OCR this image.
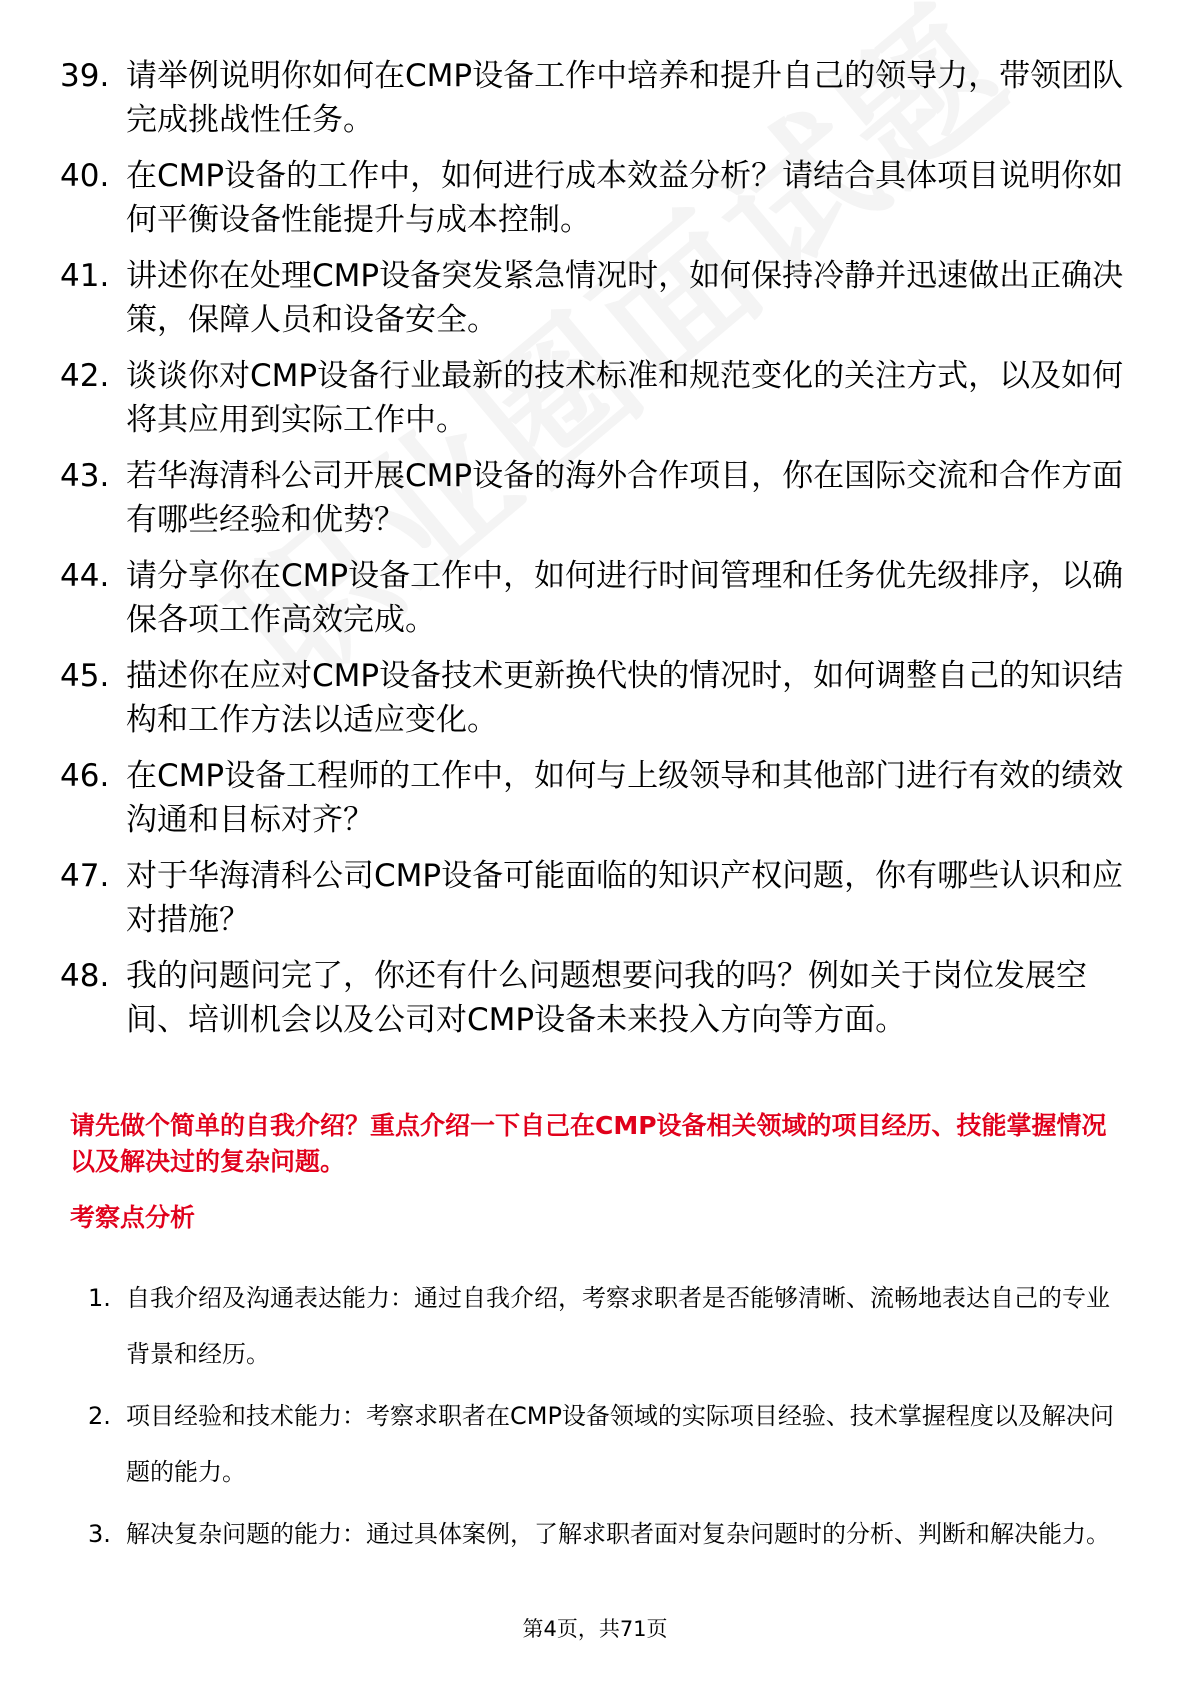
39. 请举例说明你如何在CMP设备工作中培养和提升自己的领导力，带领团队完成挑战性任务。
40. 在CMP设备的工作中，如何进行成本效益分析？请结合具体项目说明你如何平衡设备性能提升与成本控制。
41. 讲述你在处理CMP设备突发紧急情况时，如何保持冷静并迅速做出正确决策，保障人员和设备安全。
42. 谈谈你对CMP设备行业最新的技术标准和规范变化的关注方式，以及如何将其应用到实际工作中。
43. 若华海清科公司开展CMP设备的海外合作项目，你在国际交流和合作方面有哪些经验和优势？
44. 请分享你在CMP设备工作中，如何进行时间管理和任务优先级排序，以确保各项工作高效完成。
45. 描述你在应对CMP设备技术更新换代快的情况时，如何调整自己的知识结构和工作方法以适应变化。
46. 在CMP设备工程师的工作中，如何与上级领导和其他部门进行有效的绩效沟通和目标对齐？
47. 对于华海清科公司CMP设备可能面临的知识产权问题，你有哪些认识和应对措施？
48. 我的问题问完了，你还有什么问题想要问我的吗？例如关于岗位发展空间、培训机会以及公司对CMP设备未来投入方向等方面。

请先做个简单的自我介绍？重点介绍一下自己在CMP设备相关领域的项目经历、技能掌握情况以及解决过的复杂问题。

考察点分析
1. 自我介绍及沟通表达能力：通过自我介绍，考察求职者是否能够清晰、流畅地表达自己的专业背景和经历。
2. 项目经验和技术能力：考察求职者在CMP设备领域的实际项目经验、技术掌握程度以及解决问题的能力。
3. 解决复杂问题的能力：通过具体案例，了解求职者面对复杂问题时的分析、判断和解决能力。
第4页，共71页
